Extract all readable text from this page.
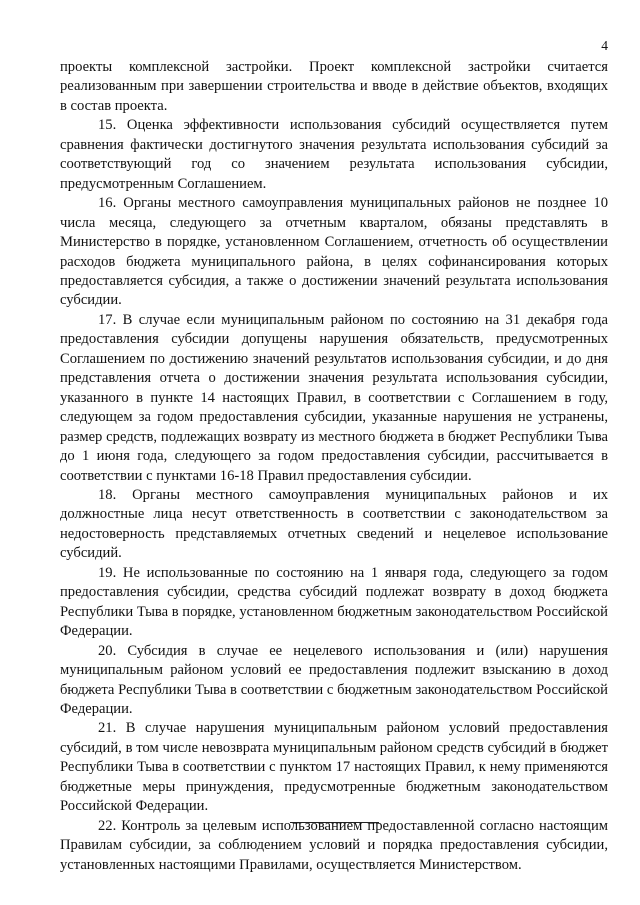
4

проекты комплексной застройки. Проект комплексной застройки считается реализованным при завершении строительства и вводе в действие объектов, входящих в состав проекта.

15. Оценка эффективности использования субсидий осуществляется путем сравнения фактически достигнутого значения результата использования субсидий за соответствующий год со значением результата использования субсидии, предусмотренным Соглашением.

16. Органы местного самоуправления муниципальных районов не позднее 10 числа месяца, следующего за отчетным кварталом, обязаны представлять в Министерство в порядке, установленном Соглашением, отчетность об осуществлении расходов бюджета муниципального района, в целях софинансирования которых предоставляется субсидия, а также о достижении значений результата использования субсидии.

17. В случае если муниципальным районом по состоянию на 31 декабря года предоставления субсидии допущены нарушения обязательств, предусмотренных Соглашением по достижению значений результатов использования субсидии, и до дня представления отчета о достижении значения результата использования субсидии, указанного в пункте 14 настоящих Правил, в соответствии с Соглашением в году, следующем за годом предоставления субсидии, указанные нарушения не устранены, размер средств, подлежащих возврату из местного бюджета в бюджет Республики Тыва до 1 июня года, следующего за годом предоставления субсидии, рассчитывается в соответствии с пунктами 16-18 Правил предоставления субсидии.

18. Органы местного самоуправления муниципальных районов и их должностные лица несут ответственность в соответствии с законодательством за недостоверность представляемых отчетных сведений и нецелевое использование субсидий.

19. Не использованные по состоянию на 1 января года, следующего за годом предоставления субсидии, средства субсидий подлежат возврату в доход бюджета Республики Тыва в порядке, установленном бюджетным законодательством Российской Федерации.

20. Субсидия в случае ее нецелевого использования и (или) нарушения муниципальным районом условий ее предоставления подлежит взысканию в доход бюджета Республики Тыва в соответствии с бюджетным законодательством Российской Федерации.

21. В случае нарушения муниципальным районом условий предоставления субсидий, в том числе невозврата муниципальным районом средств субсидий в бюджет Республики Тыва в соответствии с пунктом 17 настоящих Правил, к нему применяются бюджетные меры принуждения, предусмотренные бюджетным законодательством Российской Федерации.

22. Контроль за целевым использованием предоставленной согласно настоящим Правилам субсидии, за соблюдением условий и порядка предоставления субсидии, установленных настоящими Правилами, осуществляется Министерством.
